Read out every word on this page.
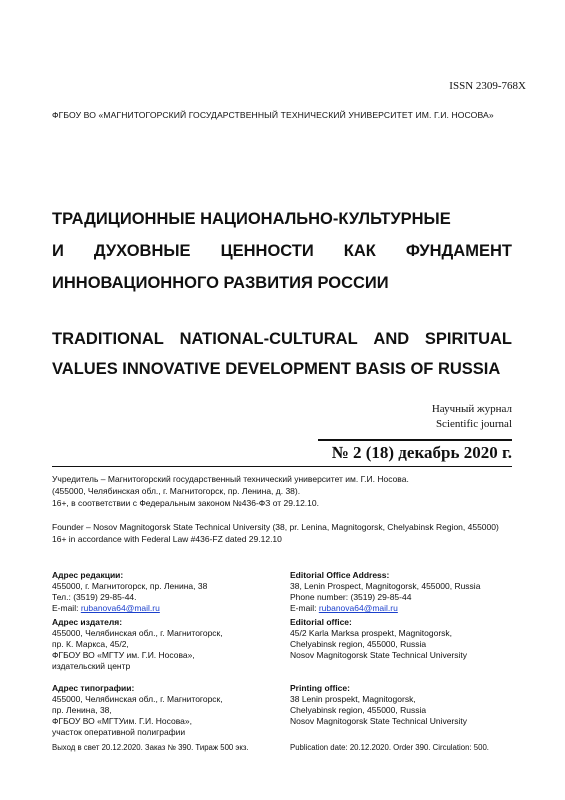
ISSN 2309-768X
ФГБОУ ВО «МАГНИТОГОРСКИЙ ГОСУДАРСТВЕННЫЙ ТЕХНИЧЕСКИЙ УНИВЕРСИТЕТ ИМ. Г.И. НОСОВА»
ТРАДИЦИОННЫЕ НАЦИОНАЛЬНО-КУЛЬТУРНЫЕ
И ДУХОВНЫЕ ЦЕННОСТИ КАК ФУНДАМЕНТ
ИННОВАЦИОННОГО РАЗВИТИЯ РОССИИ
TRADITIONAL NATIONAL-CULTURAL AND SPIRITUAL
VALUES INNOVATIVE DEVELOPMENT BASIS OF RUSSIA
Научный журнал
Scientific journal
№ 2 (18) декабрь 2020 г.
Учредитель – Магнитогорский государственный технический университет им. Г.И. Носова.
(455000, Челябинская обл., г. Магнитогорск, пр. Ленина, д. 38).
16+, в соответствии с Федеральным законом №436-ФЗ от 29.12.10.
Founder – Nosov Magnitogorsk State Technical University (38, pr. Lenina, Magnitogorsk, Chelyabinsk Region, 455000)
16+ in accordance with Federal Law #436-FZ dated 29.12.10
Адрес редакции:
455000, г. Магнитогорск, пр. Ленина, 38
Тел.: (3519) 29-85-44.
E-mail: rubanova64@mail.ru
Адрес издателя:
455000, Челябинская обл., г. Магнитогорск,
пр. К. Маркса, 45/2,
ФГБОУ ВО «МГТУ им. Г.И. Носова»,
издательский центр
Адрес типографии:
455000, Челябинская обл., г. Магнитогорск,
пр. Ленина, 38,
ФГБОУ ВО «МГТУим. Г.И. Носова»,
участок оперативной полиграфии
Выход в свет 20.12.2020. Заказ № 390. Тираж 500 экз.
Editorial Office Address:
38, Lenin Prospect, Magnitogorsk, 455000, Russia
Phone number: (3519) 29-85-44
E-mail: rubanova64@mail.ru
Editorial office:
45/2 Karla Marksa prospekt, Magnitogorsk,
Chelyabinsk region, 455000, Russia
Nosov Magnitogorsk State Technical University
Printing office:
38 Lenin prospekt, Magnitogorsk,
Chelyabinsk region, 455000, Russia
Nosov Magnitogorsk State Technical University
Publication date: 20.12.2020. Order 390. Circulation: 500.
